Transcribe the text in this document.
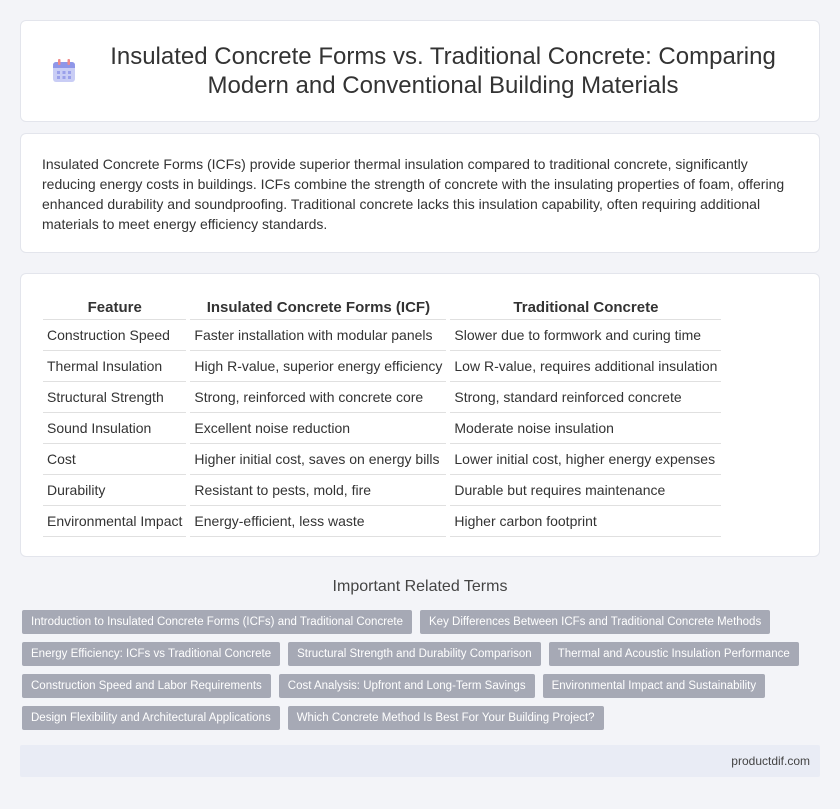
Insulated Concrete Forms vs. Traditional Concrete: Comparing Modern and Conventional Building Materials

Insulated Concrete Forms (ICFs) provide superior thermal insulation compared to traditional concrete, significantly reducing energy costs in buildings. ICFs combine the strength of concrete with the insulating properties of foam, offering enhanced durability and soundproofing. Traditional concrete lacks this insulation capability, often requiring additional materials to meet energy efficiency standards.

Feature	Insulated Concrete Forms (ICF)	Traditional Concrete
Construction Speed	Faster installation with modular panels	Slower due to formwork and curing time
Thermal Insulation	High R-value, superior energy efficiency	Low R-value, requires additional insulation
Structural Strength	Strong, reinforced with concrete core	Strong, standard reinforced concrete
Sound Insulation	Excellent noise reduction	Moderate noise insulation
Cost	Higher initial cost, saves on energy bills	Lower initial cost, higher energy expenses
Durability	Resistant to pests, mold, fire	Durable but requires maintenance
Environmental Impact	Energy-efficient, less waste	Higher carbon footprint
Important Related Terms
Introduction to Insulated Concrete Forms (ICFs) and Traditional Concrete	Key Differences Between ICFs and Traditional Concrete Methods
Energy Efficiency: ICFs vs Traditional Concrete	Structural Strength and Durability Comparison	Thermal and Acoustic Insulation Performance
Construction Speed and Labor Requirements	Cost Analysis: Upfront and Long-Term Savings	Environmental Impact and Sustainability
Design Flexibility and Architectural Applications	Which Concrete Method Is Best For Your Building Project?
productdif.com
